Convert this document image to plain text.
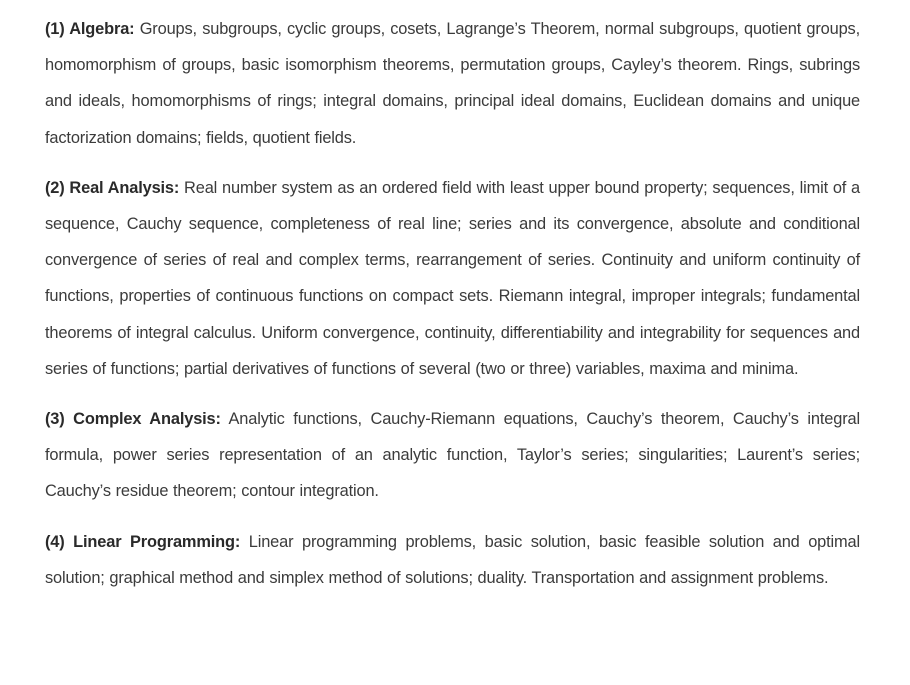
(1) Algebra: Groups, subgroups, cyclic groups, cosets, Lagrange’s Theorem, normal subgroups, quotient groups, homomorphism of groups, basic isomorphism theorems, permutation groups, Cayley’s theorem. Rings, subrings and ideals, homomorphisms of rings; integral domains, principal ideal domains, Euclidean domains and unique factorization domains; fields, quotient fields.

(2) Real Analysis: Real number system as an ordered field with least upper bound property; sequences, limit of a sequence, Cauchy sequence, completeness of real line; series and its convergence, absolute and conditional convergence of series of real and complex terms, rearrangement of series. Continuity and uniform continuity of functions, properties of continuous functions on compact sets. Riemann integral, improper integrals; fundamental theorems of integral calculus. Uniform convergence, continuity, differentiability and integrability for sequences and series of functions; partial derivatives of functions of several (two or three) variables, maxima and minima.

(3) Complex Analysis: Analytic functions, Cauchy-Riemann equations, Cauchy’s theorem, Cauchy’s integral formula, power series representation of an analytic function, Taylor’s series; singularities; Laurent’s series; Cauchy’s residue theorem; contour integration.

(4) Linear Programming: Linear programming problems, basic solution, basic feasible solution and optimal solution; graphical method and simplex method of solutions; duality. Transportation and assignment problems.
